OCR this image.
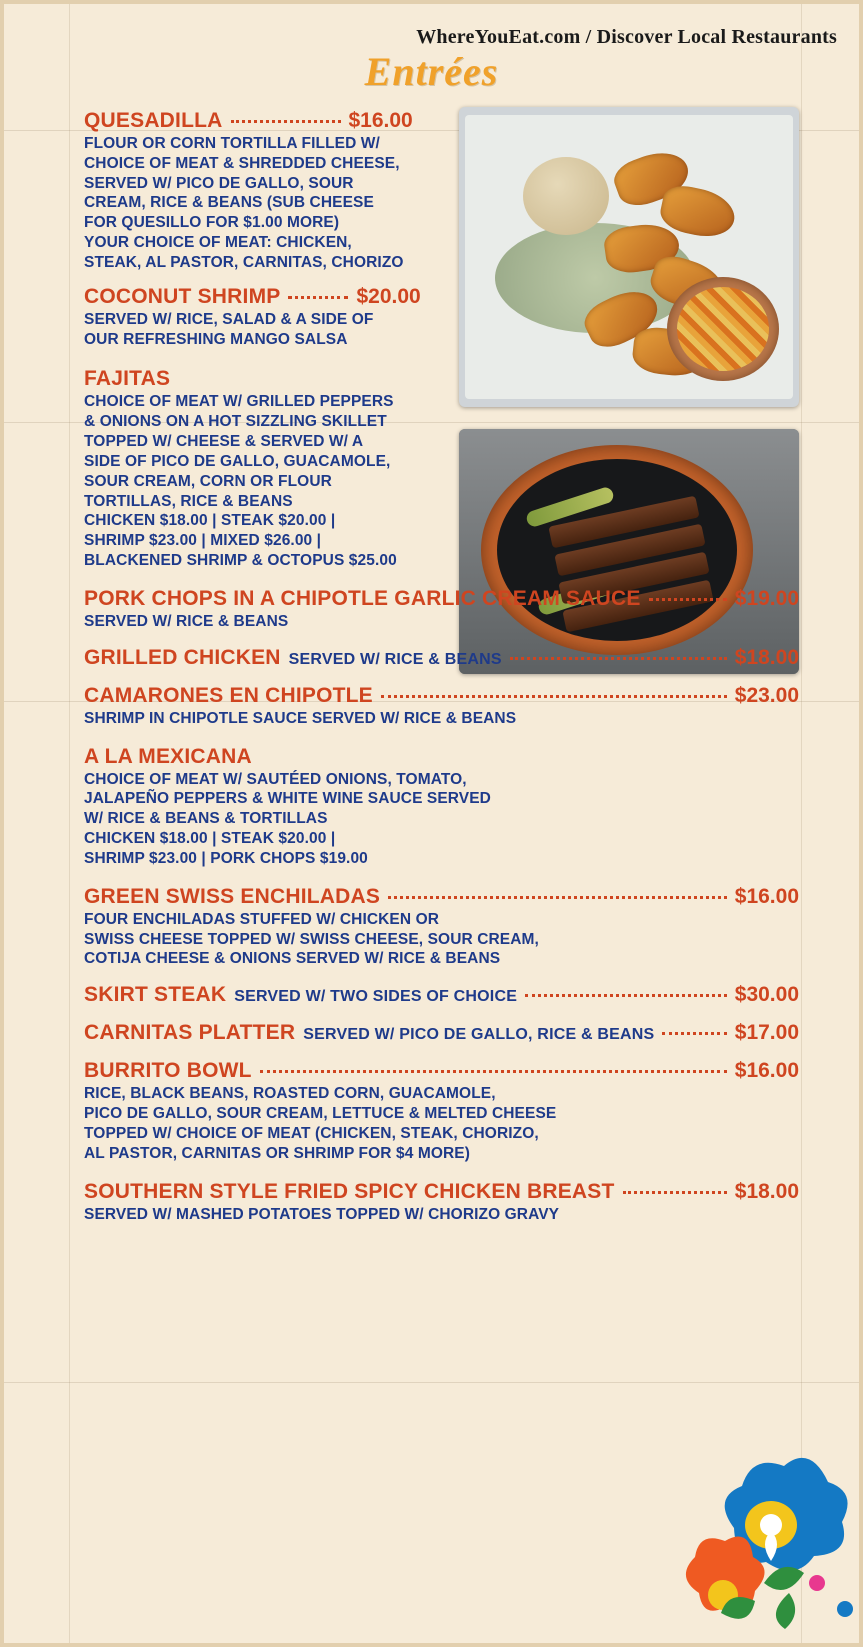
WhereYouEat.com / Discover Local Restaurants
Entrées
QUESADILLA	$16.00
FLOUR OR CORN TORTILLA FILLED W/
CHOICE OF MEAT & SHREDDED CHEESE,
SERVED W/ PICO DE GALLO, SOUR
CREAM, RICE & BEANS (SUB CHEESE
FOR QUESILLO FOR $1.00 MORE)
YOUR CHOICE OF MEAT: CHICKEN,
STEAK, AL PASTOR, CARNITAS, CHORIZO
COCONUT SHRIMP	$20.00
SERVED W/ RICE, SALAD & A SIDE OF
OUR REFRESHING MANGO SALSA
FAJITAS
CHOICE OF MEAT W/ GRILLED PEPPERS
& ONIONS ON A HOT SIZZLING SKILLET
TOPPED W/ CHEESE & SERVED W/ A
SIDE OF PICO DE GALLO, GUACAMOLE,
SOUR CREAM, CORN OR FLOUR
TORTILLAS, RICE & BEANS
CHICKEN $18.00 | STEAK $20.00 |
SHRIMP $23.00 | MIXED $26.00 |
BLACKENED SHRIMP & OCTOPUS $25.00
PORK CHOPS IN A CHIPOTLE GARLIC CREAM SAUCE	$19.00
SERVED W/ RICE & BEANS
GRILLED CHICKEN SERVED W/ RICE & BEANS	$18.00
CAMARONES EN CHIPOTLE	$23.00
SHRIMP IN CHIPOTLE SAUCE SERVED W/ RICE & BEANS
A LA MEXICANA
CHOICE OF MEAT W/ SAUTÉED ONIONS, TOMATO,
JALAPEÑO PEPPERS & WHITE WINE SAUCE SERVED
W/ RICE & BEANS & TORTILLAS
CHICKEN $18.00 | STEAK $20.00 |
SHRIMP $23.00 | PORK CHOPS $19.00
GREEN SWISS ENCHILADAS	$16.00
FOUR ENCHILADAS STUFFED W/ CHICKEN OR
SWISS CHEESE TOPPED W/ SWISS CHEESE, SOUR CREAM,
COTIJA CHEESE & ONIONS SERVED W/ RICE & BEANS
SKIRT STEAK SERVED W/ TWO SIDES OF CHOICE	$30.00
CARNITAS PLATTER SERVED W/ PICO DE GALLO, RICE & BEANS	$17.00
BURRITO BOWL	$16.00
RICE, BLACK BEANS, ROASTED CORN, GUACAMOLE,
PICO DE GALLO, SOUR CREAM, LETTUCE & MELTED CHEESE
TOPPED W/ CHOICE OF MEAT (CHICKEN, STEAK, CHORIZO,
AL PASTOR, CARNITAS OR SHRIMP FOR $4 MORE)
SOUTHERN STYLE FRIED SPICY CHICKEN BREAST	$18.00
SERVED W/ MASHED POTATOES TOPPED W/ CHORIZO GRAVY
